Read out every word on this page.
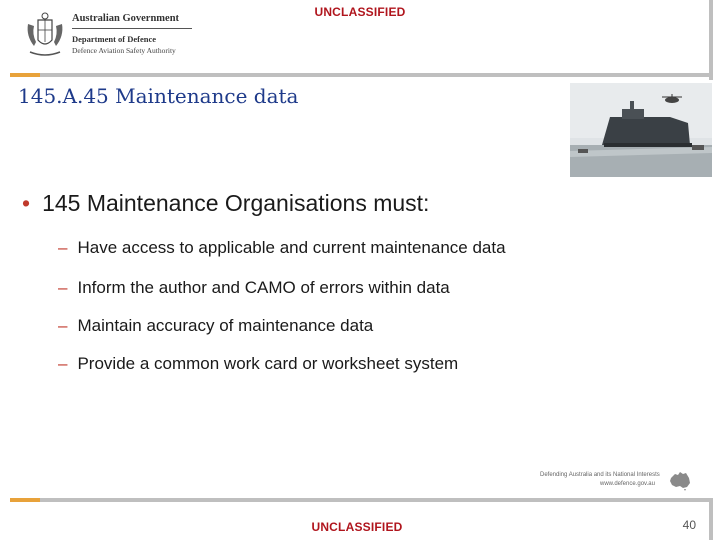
UNCLASSIFIED
Australian Government
Department of Defence
Defence Aviation Safety Authority
145.A.45 Maintenance data
• 145 Maintenance Organisations must:
– Have access to applicable and current maintenance data
– Inform the author and CAMO of errors within data
– Maintain accuracy of maintenance data
– Provide a common work card or worksheet system
Defending Australia and its National Interests
www.defence.gov.au
UNCLASSIFIED	40
